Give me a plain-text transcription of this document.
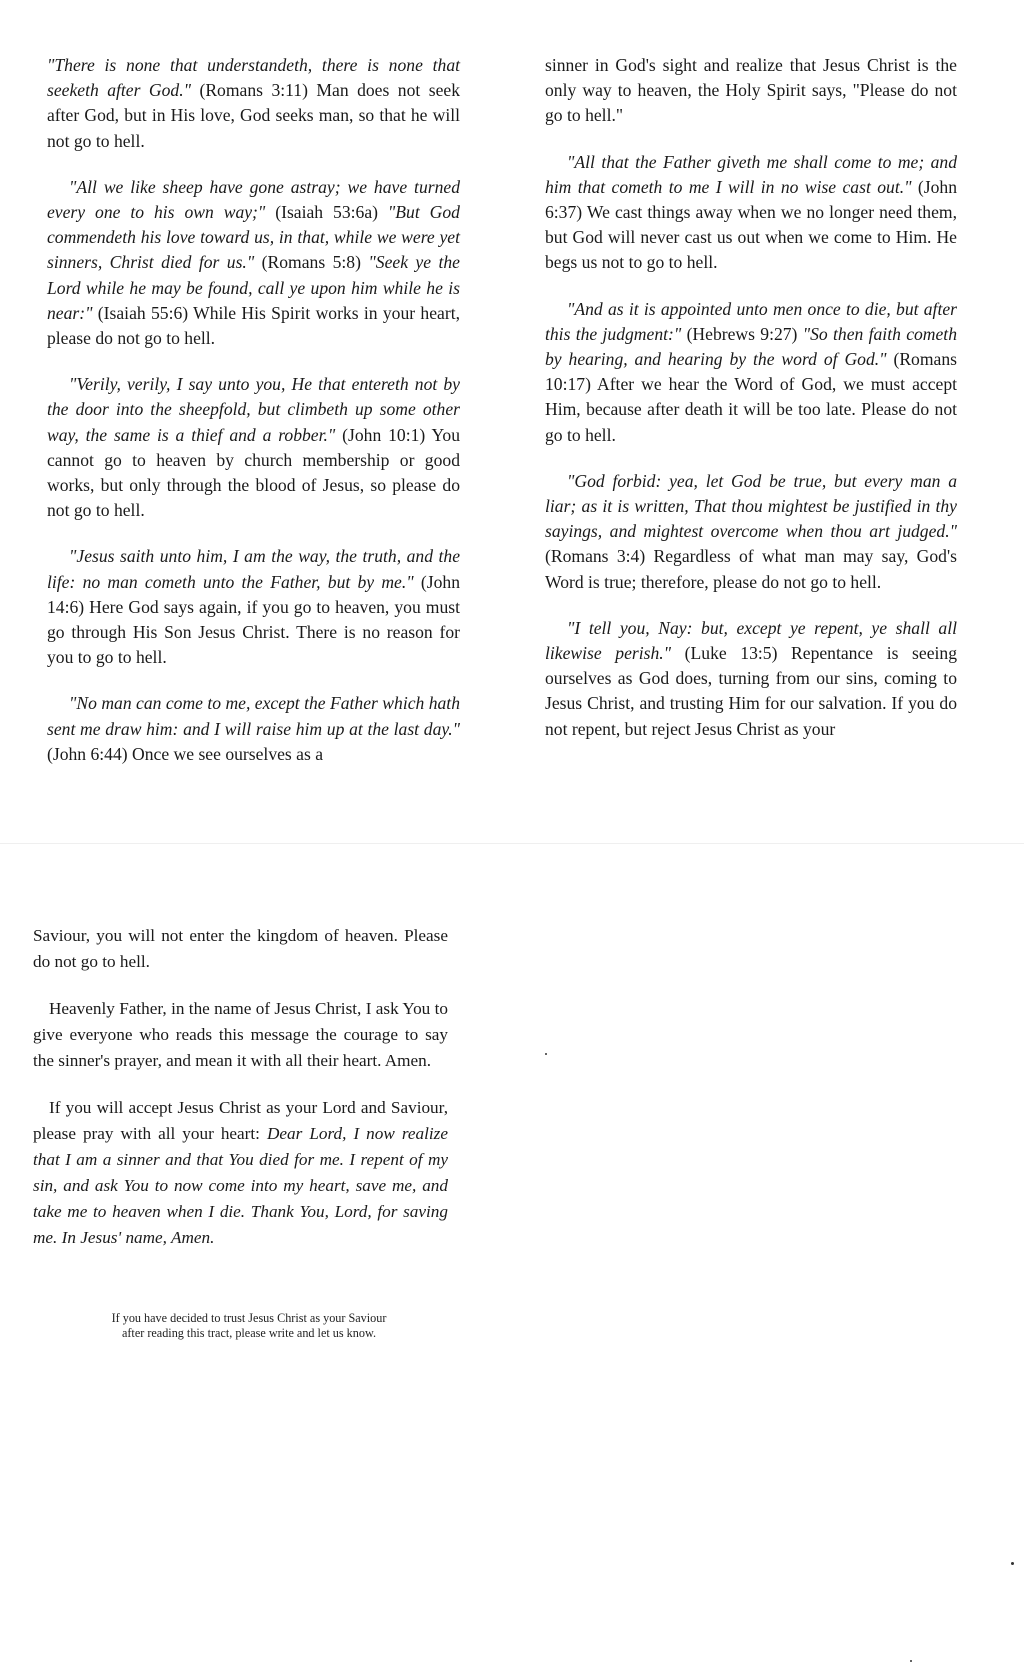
"There is none that understandeth, there is none that seeketh after God." (Romans 3:11) Man does not seek after God, but in His love, God seeks man, so that he will not go to hell.

"All we like sheep have gone astray; we have turned every one to his own way;" (Isaiah 53:6a) "But God commendeth his love toward us, in that, while we were yet sinners, Christ died for us." (Romans 5:8) "Seek ye the Lord while he may be found, call ye upon him while he is near:" (Isaiah 55:6) While His Spirit works in your heart, please do not go to hell.

"Verily, verily, I say unto you, He that entereth not by the door into the sheepfold, but climbeth up some other way, the same is a thief and a robber." (John 10:1) You cannot go to heaven by church membership or good works, but only through the blood of Jesus, so please do not go to hell.

"Jesus saith unto him, I am the way, the truth, and the life: no man cometh unto the Father, but by me." (John 14:6) Here God says again, if you go to heaven, you must go through His Son Jesus Christ. There is no reason for you to go to hell.

"No man can come to me, except the Father which hath sent me draw him: and I will raise him up at the last day." (John 6:44) Once we see ourselves as a

sinner in God's sight and realize that Jesus Christ is the only way to heaven, the Holy Spirit says, "Please do not go to hell."

"All that the Father giveth me shall come to me; and him that cometh to me I will in no wise cast out." (John 6:37) We cast things away when we no longer need them, but God will never cast us out when we come to Him. He begs us not to go to hell.

"And as it is appointed unto men once to die, but after this the judgment:" (Hebrews 9:27) "So then faith cometh by hearing, and hearing by the word of God." (Romans 10:17) After we hear the Word of God, we must accept Him, because after death it will be too late. Please do not go to hell.

"God forbid: yea, let God be true, but every man a liar; as it is written, That thou mightest be justified in thy sayings, and mightest overcome when thou art judged." (Romans 3:4) Regardless of what man may say, God's Word is true; therefore, please do not go to hell.

"I tell you, Nay: but, except ye repent, ye shall all likewise perish." (Luke 13:5) Repentance is seeing ourselves as God does, turning from our sins, coming to Jesus Christ, and trusting Him for our salvation. If you do not repent, but reject Jesus Christ as your

Saviour, you will not enter the kingdom of heaven. Please do not go to hell.

Heavenly Father, in the name of Jesus Christ, I ask You to give everyone who reads this message the courage to say the sinner's prayer, and mean it with all their heart. Amen.

If you will accept Jesus Christ as your Lord and Saviour, please pray with all your heart: Dear Lord, I now realize that I am a sinner and that You died for me. I repent of my sin, and ask You to now come into my heart, save me, and take me to heaven when I die. Thank You, Lord, for saving me. In Jesus' name, Amen.

If you have decided to trust Jesus Christ as your Saviour
after reading this tract, please write and let us know.
